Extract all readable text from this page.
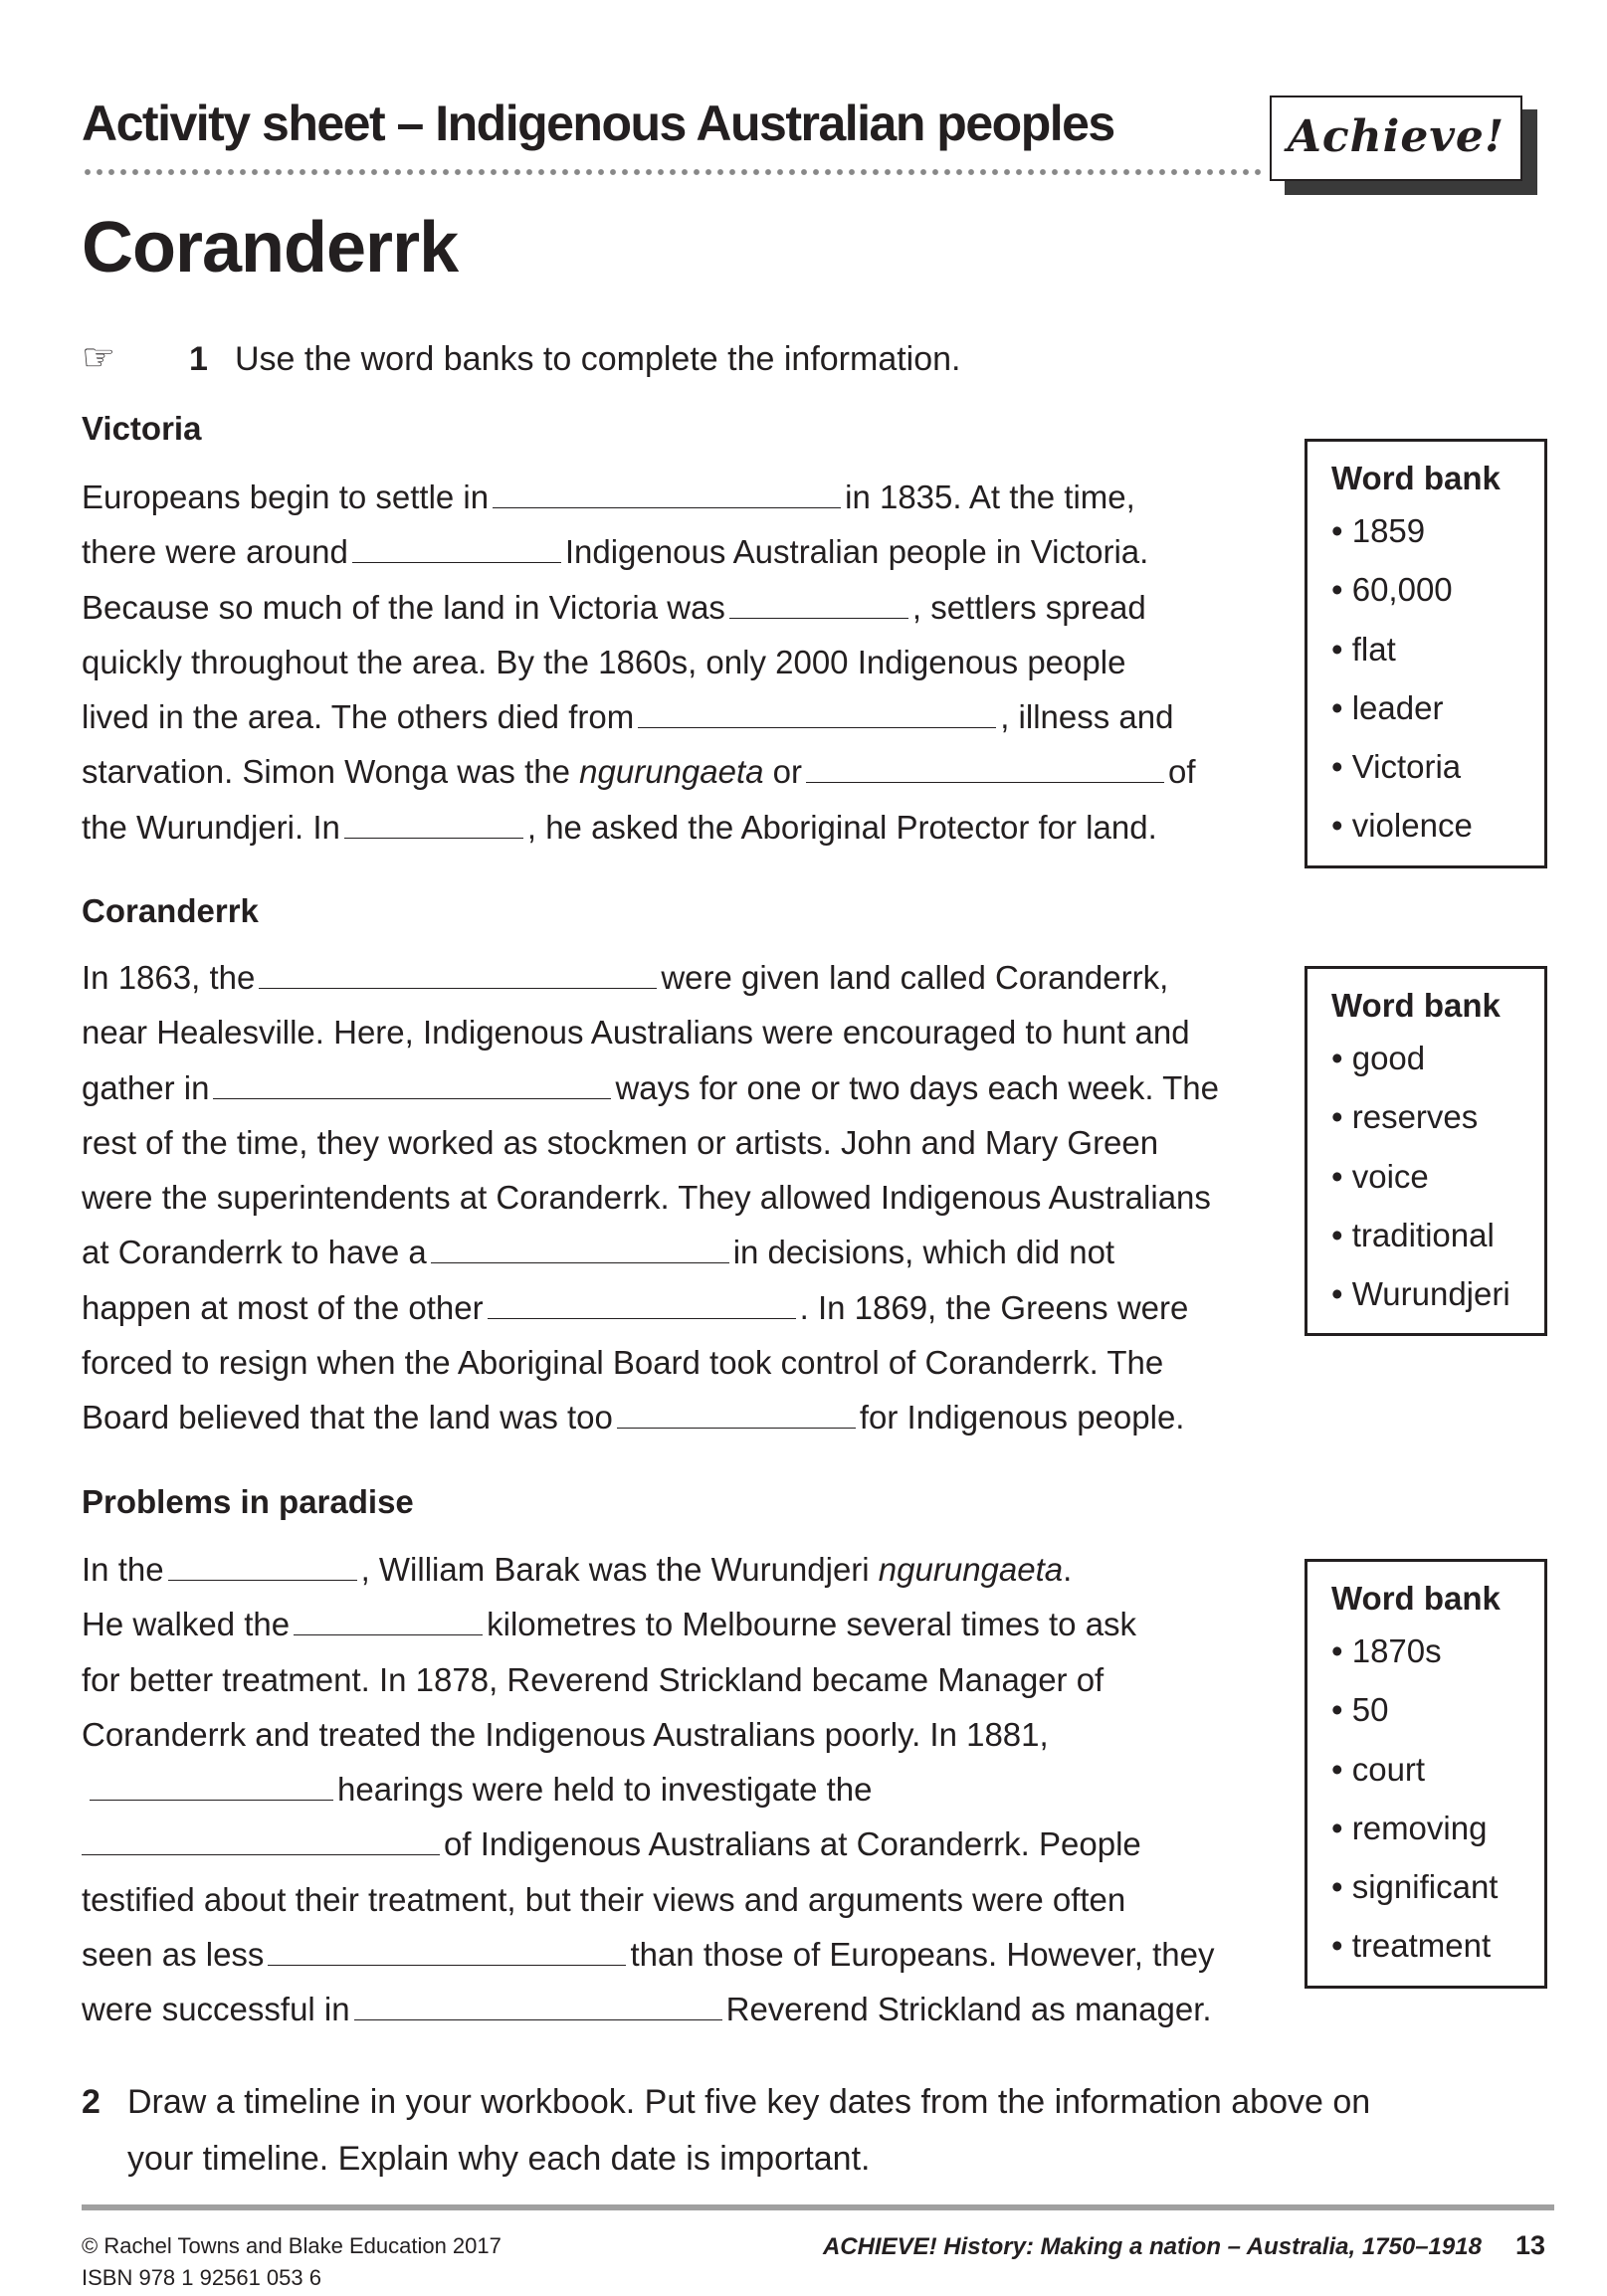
Activity sheet – Indigenous Australian peoples	Achieve!
Coranderrk
☞ 1 Use the word banks to complete the information.
Victoria
Europeans begin to settle in	in 1835. At the time,
there were around	Indigenous Australian people in Victoria.
Because so much of the land in Victoria was	, settlers spread
quickly throughout the area. By the 1860s, only 2000 Indigenous people
lived in the area. The others died from	, illness and
starvation. Simon Wonga was the ngurungaeta or	of
the Wurundjeri. In	, he asked the Aboriginal Protector for land.
Word bank
• 1859
• 60,000
• flat
• leader
• Victoria
• violence
Coranderrk
In 1863, the	were given land called Coranderrk,
near Healesville. Here, Indigenous Australians were encouraged to hunt and
gather in	ways for one or two days each week. The
rest of the time, they worked as stockmen or artists. John and Mary Green
were the superintendents at Coranderrk. They allowed Indigenous Australians
at Coranderrk to have a	in decisions, which did not
happen at most of the other	. In 1869, the Greens were
forced to resign when the Aboriginal Board took control of Coranderrk. The
Board believed that the land was too	for Indigenous people.
Word bank
• good
• reserves
• voice
• traditional
• Wurundjeri
Problems in paradise
In the	, William Barak was the Wurundjeri ngurungaeta.
He walked the	kilometres to Melbourne several times to ask
for better treatment. In 1878, Reverend Strickland became Manager of
Coranderrk and treated the Indigenous Australians poorly. In 1881,
hearings were held to investigate the
of Indigenous Australians at Coranderrk. People
testified about their treatment, but their views and arguments were often
seen as less	than those of Europeans. However, they
were successful in	Reverend Strickland as manager.
Word bank
• 1870s
• 50
• court
• removing
• significant
• treatment
2 Draw a timeline in your workbook. Put five key dates from the information above on
your timeline. Explain why each date is important.
© Rachel Towns and Blake Education 2017
ISBN 978 1 92561 053 6
ACHIEVE! History: Making a nation – Australia, 1750–1918 13
